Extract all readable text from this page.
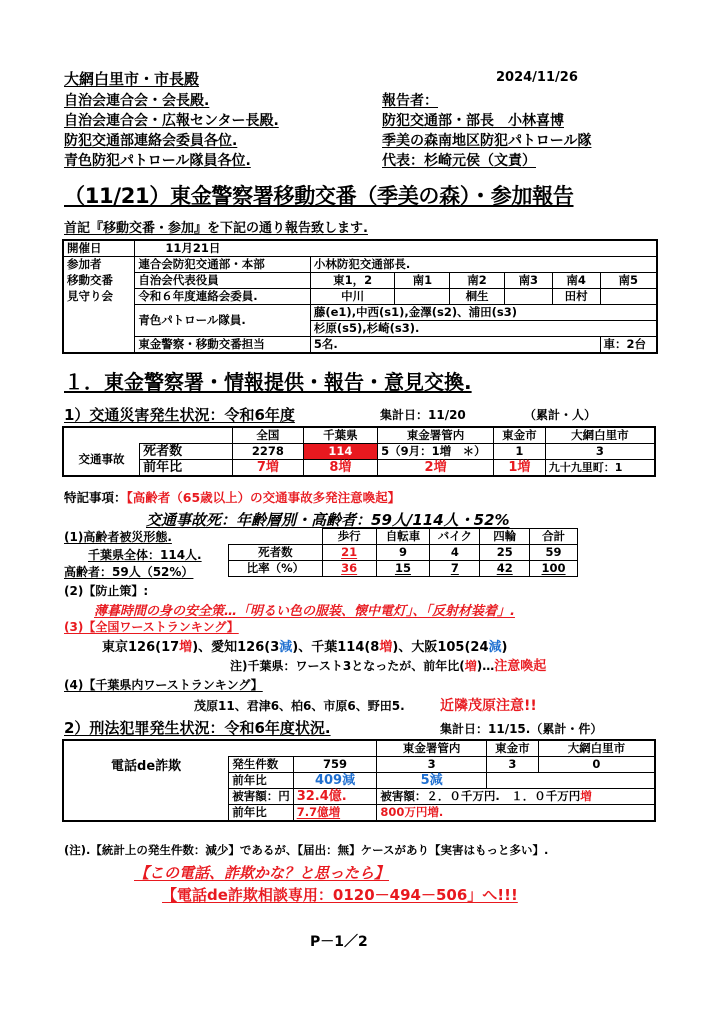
大網白里市・市長殿
自治会連合会・会長殿.
自治会連合会・広報センター長殿.
防犯交通部連絡会委員各位.
青色防犯パトロール隊員各位.
2024/11/26
報告者：
防犯交通部・部長　小林喜博
季美の森南地区防犯パトロール隊
代表：杉崎元侯（文責）
（11/21）東金警察署移動交番（季美の森）・参加報告
首記『移動交番・参加』を下記の通り報告致します.
開催日	11月21日						
参加者	連合会防犯交通部・本部	小林防犯交通部長.					
移動交番	自治会代表役員	東1，2	南1	南2	南3	南4	南5
見守り会	令和６年度連絡会委員.	中川		桐生		田村	
	青色パトロール隊員.	藤(e1),中西(s1),金澤(s2)、浦田(s3)					
		杉原(s5),杉崎(s3).					
	東金警察・移動交番担当	5名.					車：2台
１．東金警察署・情報提供・報告・意見交換.
1）交通災害発生状況：令和6年度	集計日：11/20	（累計・人）
		全国	千葉県	東金署管内	東金市	大網白里市
交通事故	死者数	2278	114	5（9月：1増　＊）	1	3
	前年比	7増	8増	2増	1増	九十九里町：1
特記事項：【高齢者（65歳以上）の交通事故多発注意喚起】
交通事故死：年齢層別・高齢者：59人/114人・52%
(1)高齢者被災形態.
千葉県全体：114人.
高齢者：59人（52%）
	歩行	自転車	バイク	四輪	合計
死者数	21	9	4	25	59
比率（%）	36	15	7	42	100
(2)【防止策】:
薄暮時間の身の安全策…「明るい色の服装、懐中電灯」、「反射材装着」.
(3)【全国ワーストランキング】
東京126(17増)、愛知126(3減)、千葉114(8増)、大阪105(24減)
注)千葉県：ワースト3となったが、前年比(増)…注意喚起
(4)【千葉県内ワーストランキング】
茂原11、君津6、柏6、市原6、野田5.	近隣茂原注意!!
2）刑法犯罪発生状況：令和6年度状況.	集計日：11/15.（累計・件）
			東金署管内	東金市	大網白里市
電話de詐欺	発生件数	759	3	3	0
	前年比	409減	5減		
	被害額：円	32.4億.	被害額：２．０千万円.　１．０千万円増		
	前年比	7.7億増	800万円増.		
(注).【統計上の発生件数：減少】であるが、【届出：無】ケースがあり【実害はもっと多い】.
【この電話、詐欺かな？と思ったら】
【電話de詐欺相談専用：0120－494－506」へ!!!
P－1／2
